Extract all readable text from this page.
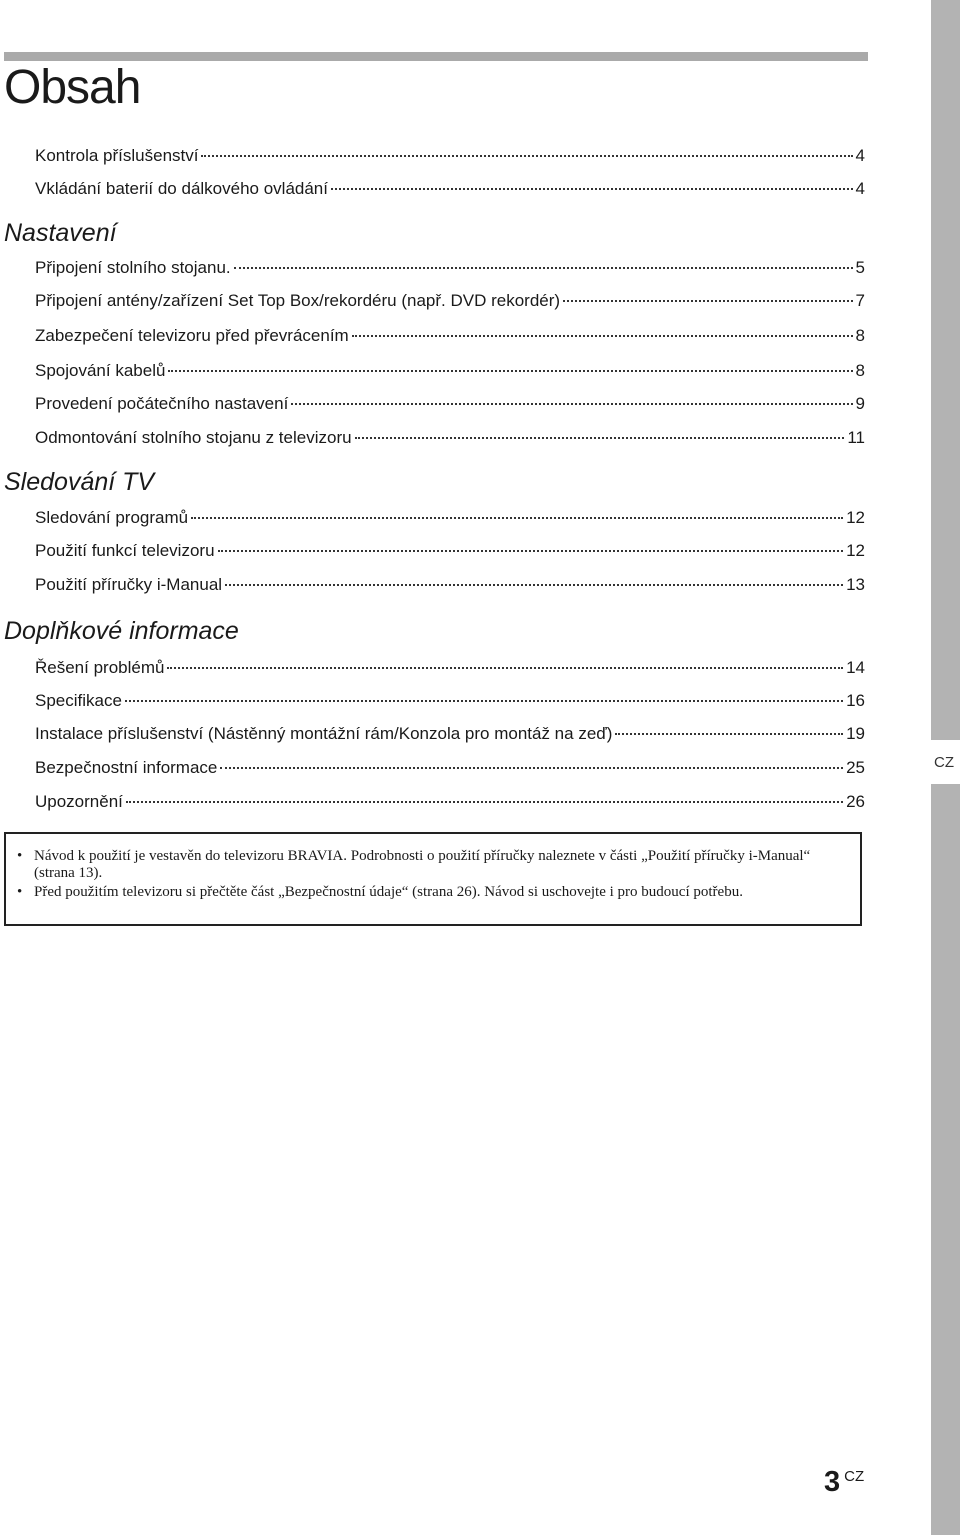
CZ
Obsah
Kontrola příslušenství	4
Vkládání baterií do dálkového ovládání	4
Nastavení
Připojení stolního stojanu.	5
Připojení antény/zařízení Set Top Box/rekordéru (např. DVD rekordér)	7
Zabezpečení televizoru před převrácením	8
Spojování kabelů	8
Provedení počátečního nastavení	9
Odmontování stolního stojanu z televizoru	11
Sledování TV
Sledování programů	12
Použití funkcí televizoru	12
Použití příručky i-Manual	13
Doplňkové informace
Řešení problémů	14
Specifikace	16
Instalace příslušenství (Nástěnný montážní rám/Konzola pro montáž na zeď)	19
Bezpečnostní informace	25
Upozornění	26
• Návod k použití je vestavěn do televizoru BRAVIA. Podrobnosti o použití příručky naleznete v části „Použití příručky i-Manual“ (strana 13).
• Před použitím televizoru si přečtěte část „Bezpečnostní údaje“ (strana 26). Návod si uschovejte i pro budoucí potřebu.
3 CZ
